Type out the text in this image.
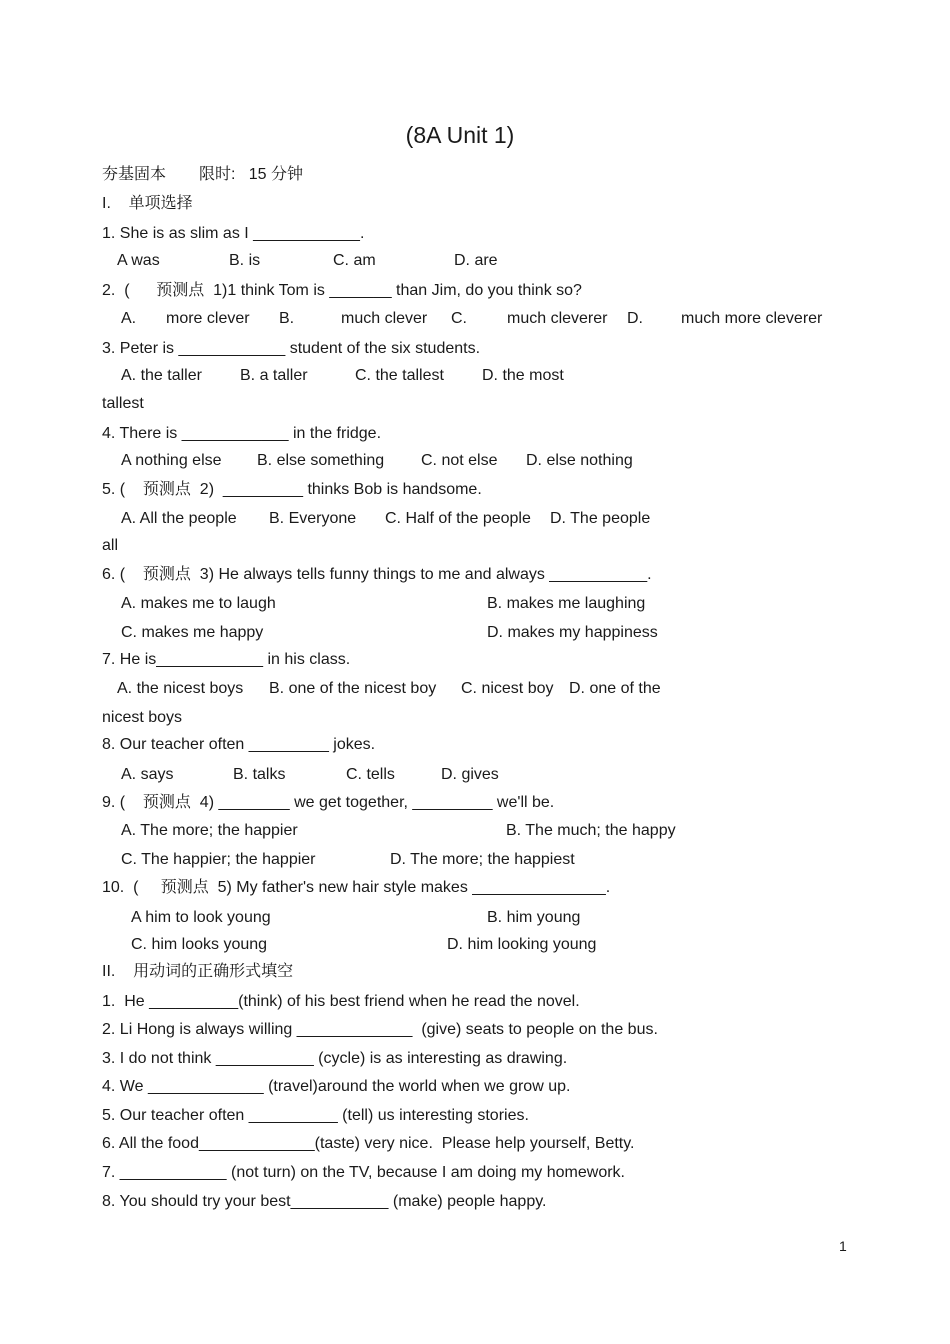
(8A Unit 1)
夯基固本 限时:   15 分钟
I.    单项选择
1. She is as slim as I ____________.
A was	B. is	C. am	D. are
2.  (      预测点  1)1 think Tom is _______ than Jim, do you think so?
A. more clever B.	much clever C.	much cleverer D. much more cleverer
3. Peter is ____________ student of the six students.
A. the taller B. a taller	C. the tallest D. the most
tallest
4. There is ____________ in the fridge.
A nothing else B. else something C. not else D. else nothing
5. (    预测点  2)  _________ thinks Bob is handsome.
A. All the people B. Everyone C. Half of the people D. The people
all
6. (    预测点  3) He always tells funny things to me and always ___________.
A. makes me to laugh	B. makes me laughing
C. makes me happy	D. makes my happiness
7. He is____________ in his class.
A. the nicest boys B. one of the nicest boy C. nicest boy D. one of the
nicest boys
8. Our teacher often _________ jokes.
A. says	B. talks	C. tells	D. gives
9. (    预测点  4) ________ we get together, _________ we'll be.
A. The more; the happier	B. The much; the happy
C. The happier; the happier	D. The more; the happiest
10.  (     预测点  5) My father's new hair style makes _______________.
A him to look young	B. him young
C. him looks young	D. him looking young
II.    用动词的正确形式填空
1.  He __________(think) of his best friend when he read the novel.
2. Li Hong is always willing _____________  (give) seats to people on the bus.
3. I do not think ___________ (cycle) is as interesting as drawing.
4. We _____________ (travel)around the world when we grow up.
5. Our teacher often __________ (tell) us interesting stories.
6. All the food_____________(taste) very nice.  Please help yourself, Betty.
7. ____________ (not turn) on the TV, because I am doing my homework.
8. You should try your best___________ (make) people happy.
1
